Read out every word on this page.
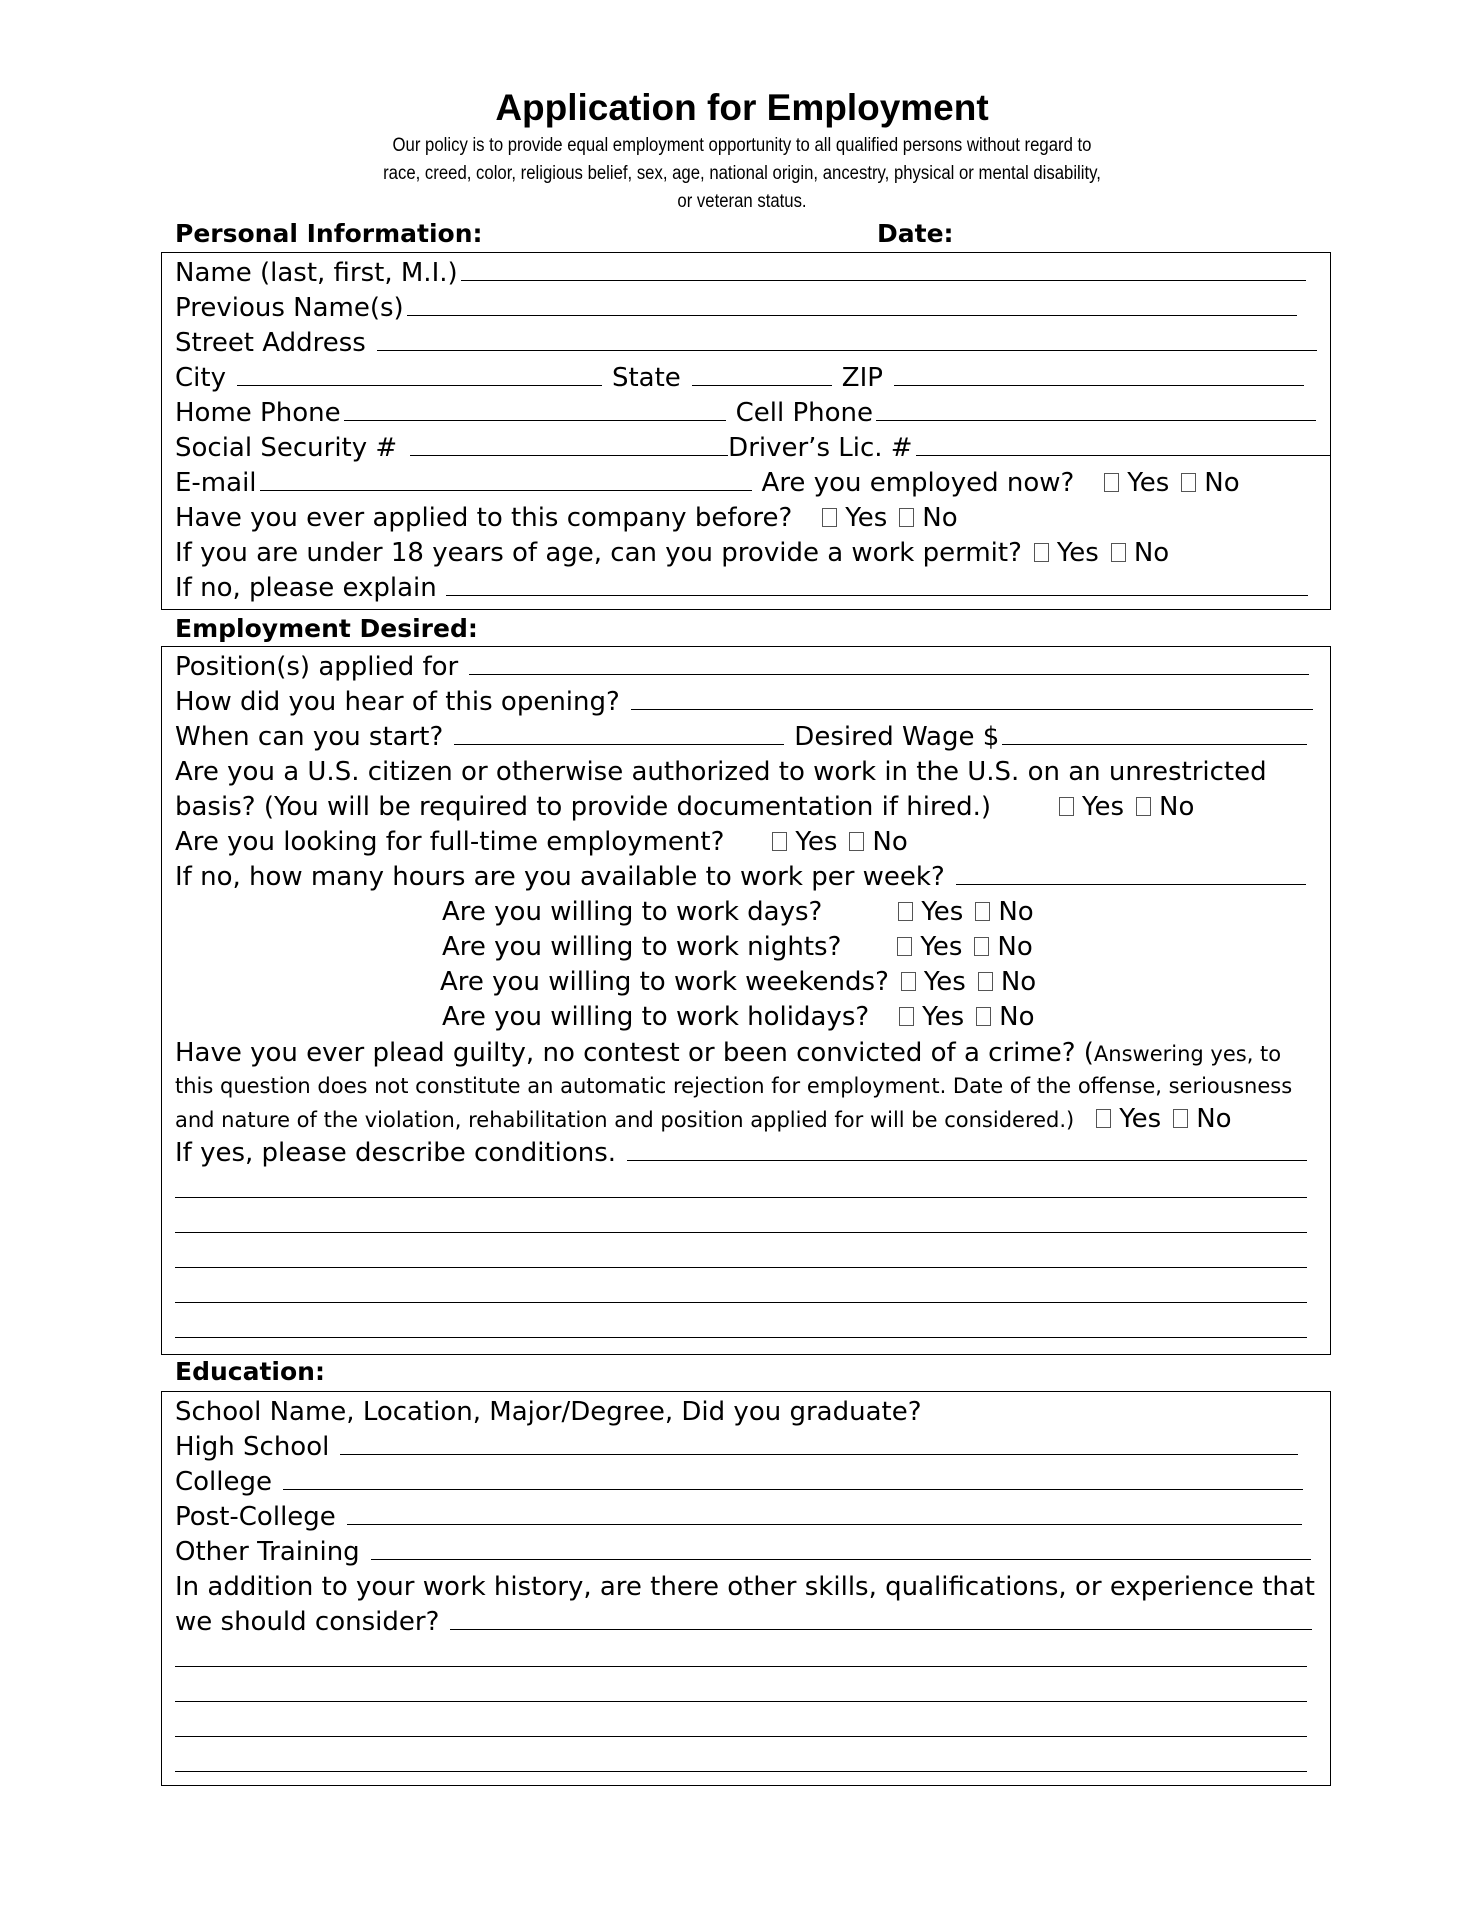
Application for Employment
Our policy is to provide equal employment opportunity to all qualified persons without regard to
race, creed, color, religious belief, sex, age, national origin, ancestry, physical or mental disability,
or veteran status.
Personal Information:	Date:
Name (last, first, M.I.)
Previous Name(s)
Street Address
City	State	ZIP
Home Phone	Cell Phone
Social Security #	Driver’s Lic. #
E-mail	Are you employed now? Yes No
Have you ever applied to this company before? Yes No
If you are under 18 years of age, can you provide a work permit? Yes No
If no, please explain
Employment Desired:
Position(s) applied for
How did you hear of this opening?
When can you start?	Desired Wage $
Are you a U.S. citizen or otherwise authorized to work in the U.S. on an unrestricted
basis? (You will be required to provide documentation if hired.)	Yes No
Are you looking for full-time employment?	Yes No
If no, how many hours are you available to work per week?
Are you willing to work days?	Yes No
Are you willing to work nights?	Yes No
Are you willing to work weekends? Yes No
Are you willing to work holidays? Yes No
Have you ever plead guilty, no contest or been convicted of a crime? ( Answering yes, to
this question does not constitute an automatic rejection for employment. Date of the offense, seriousness
and nature of the violation, rehabilitation and position applied for will be considered.) Yes No
If yes, please describe conditions.
Education:
School Name, Location, Major/Degree, Did you graduate?
High School
College
Post-College
Other Training
In addition to your work history, are there other skills, qualifications, or experience that
we should consider?
